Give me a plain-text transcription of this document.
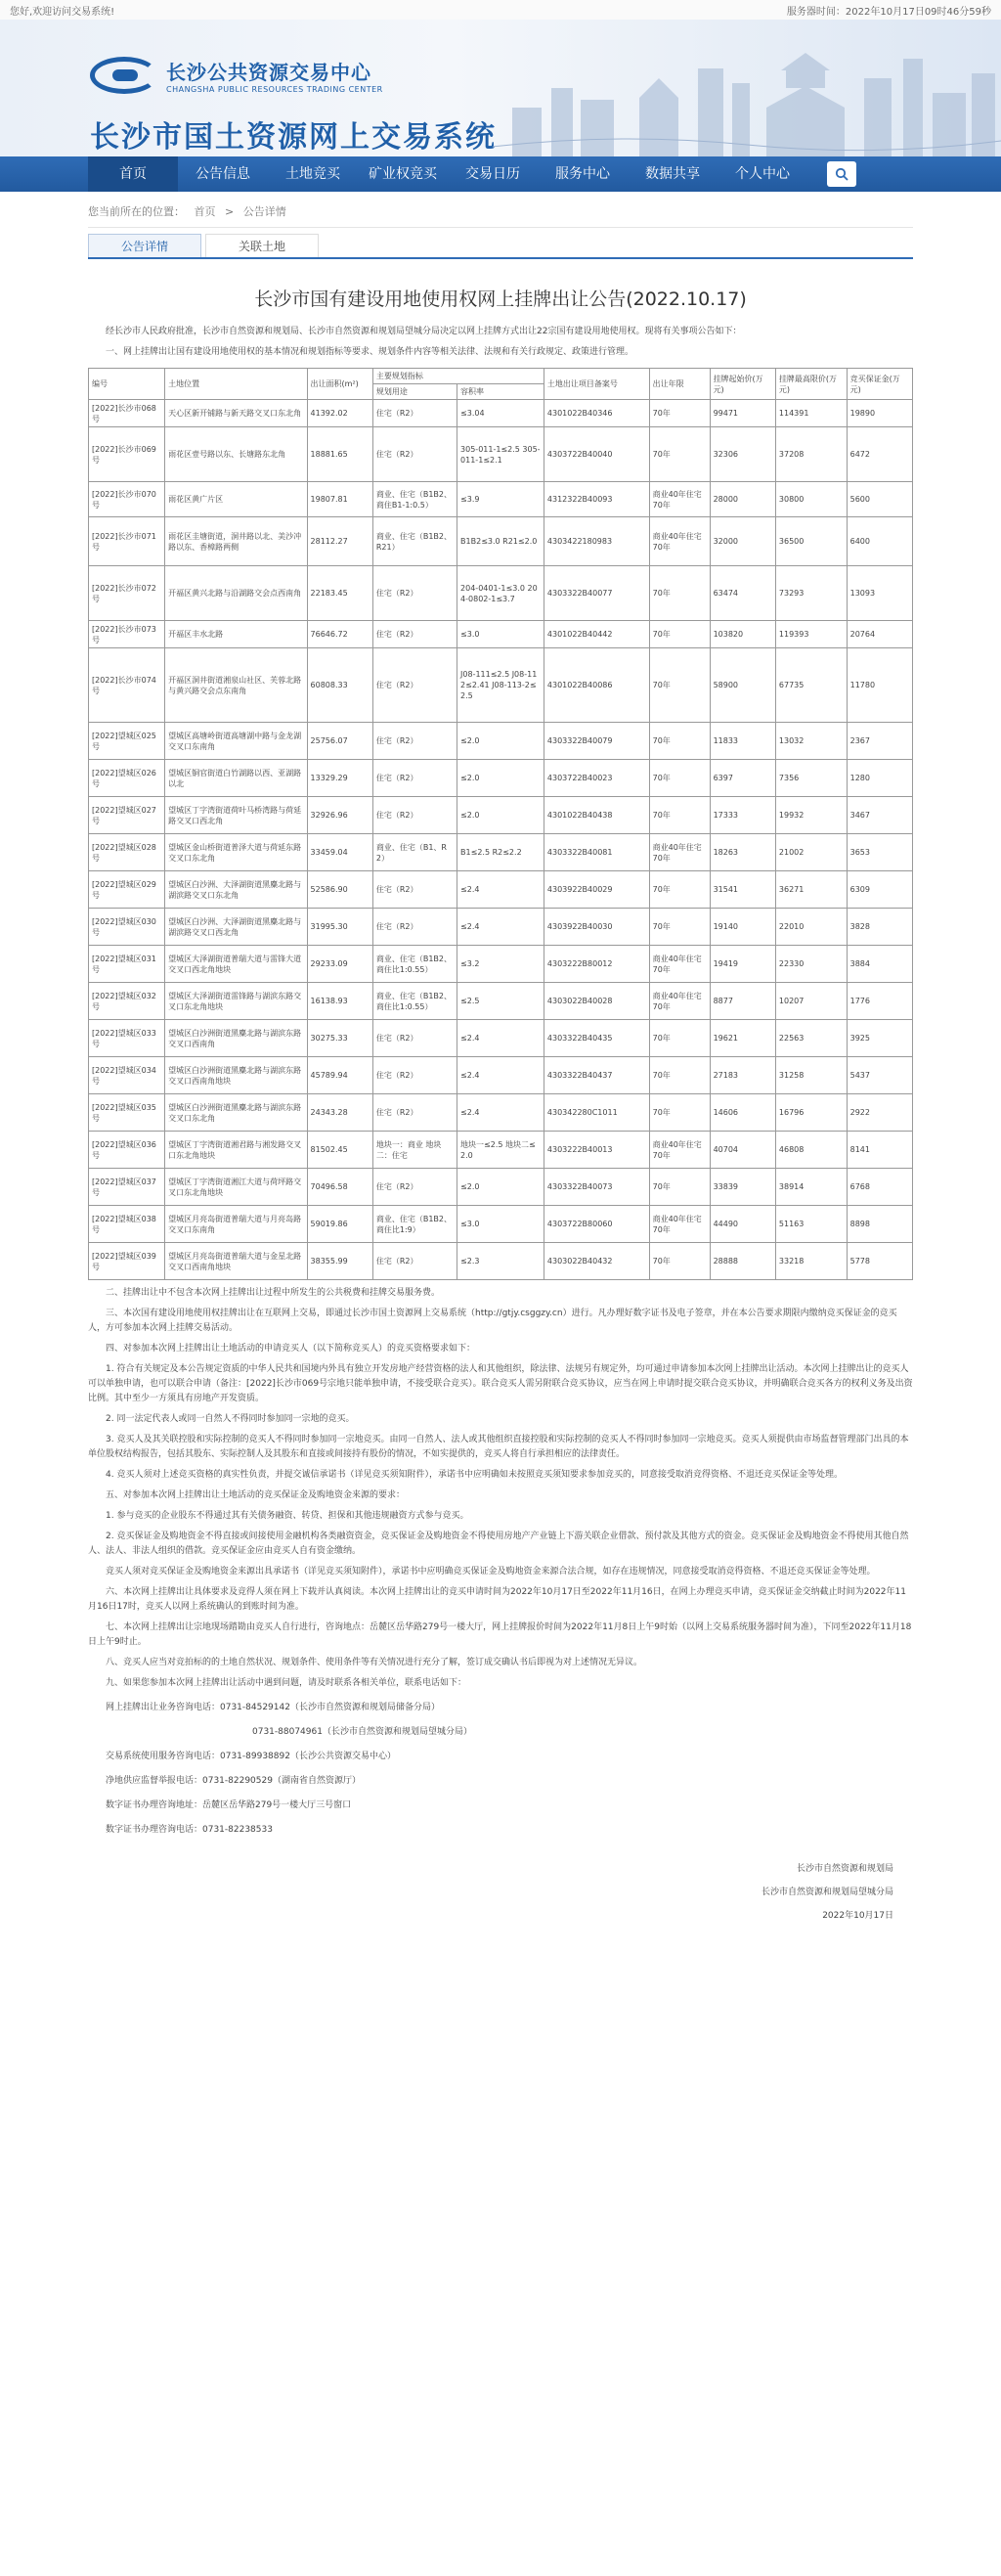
您好,欢迎访问交易系统!	服务器时间：2022年10月17日09时46分59秒
长沙公共资源交易中心
CHANGSHA PUBLIC RESOURCES TRADING CENTER
长沙市国土资源网上交易系统
首页	公告信息	土地竞买	矿业权竞买	交易日历	服务中心	数据共享	个人中心
您当前所在的位置： 首页 > 公告详情
公告详情	关联土地
长沙市国有建设用地使用权网上挂牌出让公告(2022.10.17)
经长沙市人民政府批准，长沙市自然资源和规划局、长沙市自然资源和规划局望城分局决定以网上挂牌方式出让22宗国有建设用地使用权。现将有关事项公告如下：
一、网上挂牌出让国有建设用地使用权的基本情况和规划指标等要求、规划条件内容等相关法律、法规和有关行政规定、政策进行管理。
编号	土地位置	出让面积(m²)	主要规划指标		土地出让项目备案号	出让年限	挂牌起始价(万元)	挂牌最高限价(万元)	竞买保证金(万元)
			规划用途	容积率					
[2022]长沙市068号	天心区新开铺路与新天路交叉口东北角	41392.02	住宅（R2）	≤3.04	4301022B40346	70年	99471	114391	19890
[2022]长沙市069号	雨花区壹号路以东、长塘路东北角	18881.65	住宅（R2）	305-011-1≤2.5 305-011-1≤2.1	4303722B40040	70年	32306	37208	6472
[2022]长沙市070号	雨花区黄广片区	19807.81	商业、住宅（B1B2、商住B1-1:0.5）	≤3.9	4312322B40093	商业40年住宅70年	28000	30800	5600
[2022]长沙市071号	雨花区圭塘街道，洞井路以北、美沙冲路以东、香樟路两侧	28112.27	商业、住宅（B1B2、R21）	B1B2≤3.0 R21≤2.0	4303422180983	商业40年住宅70年	32000	36500	6400
[2022]长沙市072号	开福区黄兴北路与沿湖路交会点西南角	22183.45	住宅（R2）	204-0401-1≤3.0 204-0802-1≤3.7	4303322B40077	70年	63474	73293	13093
[2022]长沙市073号	开福区丰水北路	76646.72	住宅（R2）	≤3.0	4301022B40442	70年	103820	119393	20764
[2022]长沙市074号	开福区洞井街道湘泉山社区、芙蓉北路与黄兴路交会点东南角	60808.33	住宅（R2）	J08-111≤2.5 J08-112≤2.41 J08-113-2≤2.5	4301022B40086	70年	58900	67735	11780
[2022]望城区025号	望城区高塘岭街道高塘湖中路与金龙湖交叉口东南角	25756.07	住宅（R2）	≤2.0	4303322B40079	70年	11833	13032	2367
[2022]望城区026号	望城区铜官街道白竹湖路以西、亚湖路以北	13329.29	住宅（R2）	≤2.0	4303722B40023	70年	6397	7356	1280
[2022]望城区027号	望城区丁字湾街道荷叶马桥湾路与荷延路交叉口西北角	32926.96	住宅（R2）	≤2.0	4301022B40438	70年	17333	19932	3467
[2022]望城区028号	望城区金山桥街道普泽大道与荷延东路交叉口东北角	33459.04	商业、住宅（B1、R2）	B1≤2.5 R2≤2.2	4303322B40081	商业40年住宅70年	18263	21002	3653
[2022]望城区029号	望城区白沙洲、大泽湖街道黑麋北路与湖滨路交叉口东北角	52586.90	住宅（R2）	≤2.4	4303922B40029	70年	31541	36271	6309
[2022]望城区030号	望城区白沙洲、大泽湖街道黑麋北路与湖滨路交叉口西北角	31995.30	住宅（R2）	≤2.4	4303922B40030	70年	19140	22010	3828
[2022]望城区031号	望城区大泽湖街道普瑞大道与雷锋大道交叉口西北角地块	29233.09	商业、住宅（B1B2、商住比1:0.55）	≤3.2	4303222B80012	商业40年住宅70年	19419	22330	3884
[2022]望城区032号	望城区大泽湖街道雷锋路与湖滨东路交叉口东北角地块	16138.93	商业、住宅（B1B2、商住比1:0.55）	≤2.5	4303022B40028	商业40年住宅70年	8877	10207	1776
[2022]望城区033号	望城区白沙洲街道黑麋北路与湖滨东路交叉口西南角	30275.33	住宅（R2）	≤2.4	4303322B40435	70年	19621	22563	3925
[2022]望城区034号	望城区白沙洲街道黑麋北路与湖滨东路交叉口西南角地块	45789.94	住宅（R2）	≤2.4	4303322B40437	70年	27183	31258	5437
[2022]望城区035号	望城区白沙洲街道黑麋北路与湖滨东路交叉口东北角	24343.28	住宅（R2）	≤2.4	430342280C1011	70年	14606	16796	2922
[2022]望城区036号	望城区丁字湾街道湘君路与湘发路交叉口东北角地块	81502.45	地块一：商业 地块二：住宅	地块一≤2.5 地块二≤2.0	4303222B40013	商业40年住宅70年	40704	46808	8141
[2022]望城区037号	望城区丁字湾街道湘江大道与荷坪路交叉口东北角地块	70496.58	住宅（R2）	≤2.0	4303322B40073	70年	33839	38914	6768
[2022]望城区038号	望城区月亮岛街道普瑞大道与月亮岛路交叉口东南角	59019.86	商业、住宅（B1B2、商住比1:9）	≤3.0	4303722B80060	商业40年住宅70年	44490	51163	8898
[2022]望城区039号	望城区月亮岛街道普瑞大道与金星北路交叉口西南角地块	38355.99	住宅（R2）	≤2.3	4303022B40432	70年	28888	33218	5778
二、挂牌出让中不包含本次网上挂牌出让过程中所发生的公共税费和挂牌交易服务费。
三、本次国有建设用地使用权挂牌出让在互联网上交易，即通过长沙市国土资源网上交易系统（http://gtjy.csggzy.cn）进行。凡办理好数字证书及电子签章，并在本公告要求期限内缴纳竞买保证金的竞买人，方可参加本次网上挂牌交易活动。
四、对参加本次网上挂牌出让土地活动的申请竞买人（以下简称竞买人）的竞买资格要求如下：
1. 符合有关规定及本公告规定资质的中华人民共和国境内外具有独立开发房地产经营资格的法人和其他组织，除法律、法规另有规定外，均可通过申请参加本次网上挂牌出让活动。本次网上挂牌出让的竞买人可以单独申请，也可以联合申请（备注：[2022]长沙市069号宗地只能单独申请，不接受联合竞买）。联合竞买人需另附联合竞买协议，应当在网上申请时提交联合竞买协议，并明确联合竞买各方的权利义务及出资比例。其中至少一方须具有房地产开发资质。
2. 同一法定代表人或同一自然人不得同时参加同一宗地的竞买。
3. 竞买人及其关联控股和实际控制的竞买人不得同时参加同一宗地竞买。由同一自然人、法人或其他组织直接控股和实际控制的竞买人不得同时参加同一宗地竞买。竞买人须提供由市场监督管理部门出具的本单位股权结构报告，包括其股东、实际控制人及其股东和直接或间接持有股份的情况，不如实提供的，竞买人将自行承担相应的法律责任。
4. 竞买人须对上述竞买资格的真实性负责，并提交诚信承诺书（详见竞买须知附件），承诺书中应明确如未按照竞买须知要求参加竞买的，同意接受取消竞得资格、不退还竞买保证金等处理。
五、对参加本次网上挂牌出让土地活动的竞买保证金及购地资金来源的要求：
1. 参与竞买的企业股东不得通过其有关债务融资、转贷、担保和其他违规融资方式参与竞买。
2. 竞买保证金及购地资金不得直接或间接使用金融机构各类融资资金，竞买保证金及购地资金不得使用房地产产业链上下游关联企业借款、预付款及其他方式的资金。竞买保证金及购地资金不得使用其他自然人、法人、非法人组织的借款。竞买保证金应由竞买人自有资金缴纳。
竞买人须对竞买保证金及购地资金来源出具承诺书（详见竞买须知附件），承诺书中应明确竞买保证金及购地资金来源合法合规，如存在违规情况，同意接受取消竞得资格、不退还竞买保证金等处理。
六、本次网上挂牌出让具体要求及竞得人须在网上下载并认真阅读。本次网上挂牌出让的竞买申请时间为2022年10月17日至2022年11月16日，在网上办理竞买申请，竞买保证金交纳截止时间为2022年11月16日17时，竞买人以网上系统确认的到账时间为准。
七、本次网上挂牌出让宗地现场踏勘由竞买人自行进行，咨询地点：岳麓区岳华路279号一楼大厅，网上挂牌报价时间为2022年11月8日上午9时始（以网上交易系统服务器时间为准），下同至2022年11月18日上午9时止。
八、竞买人应当对竞拍标的的土地自然状况、规划条件、使用条件等有关情况进行充分了解，签订成交确认书后即视为对上述情况无异议。
九、如果您参加本次网上挂牌出让活动中遇到问题，请及时联系各相关单位，联系电话如下：
网上挂牌出让业务咨询电话：0731-84529142（长沙市自然资源和规划局储备分局）
0731-88074961（长沙市自然资源和规划局望城分局）
交易系统使用服务咨询电话：0731-89938892（长沙公共资源交易中心）
净地供应监督举报电话：0731-82290529（湖南省自然资源厅）
数字证书办理咨询地址：岳麓区岳华路279号一楼大厅三号窗口
数字证书办理咨询电话：0731-82238533
长沙市自然资源和规划局
长沙市自然资源和规划局望城分局
2022年10月17日
